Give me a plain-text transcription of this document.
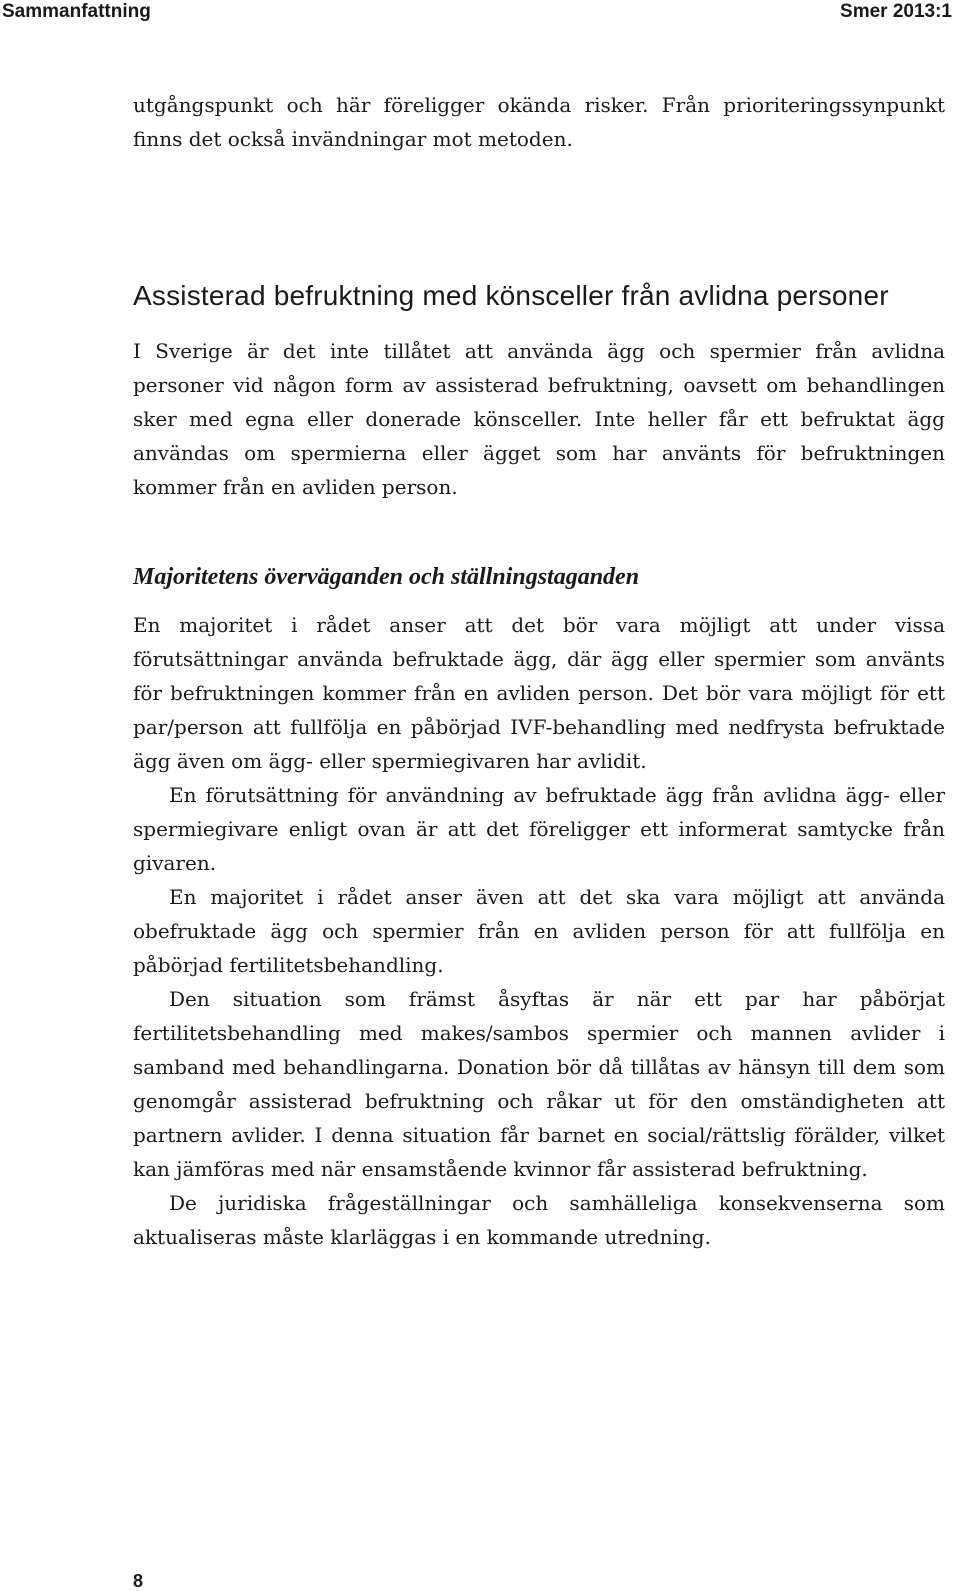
Sammanfattning	Smer 2013:1

utgångspunkt och här föreligger okända risker. Från prioriteringssynpunkt finns det också invändningar mot metoden.

Assisterad befruktning med könsceller från avlidna personer

I Sverige är det inte tillåtet att använda ägg och spermier från avlidna personer vid någon form av assisterad befruktning, oavsett om behandlingen sker med egna eller donerade könsceller. Inte heller får ett befruktat ägg användas om spermierna eller ägget som har använts för befruktningen kommer från en avliden person.

Majoritetens överväganden och ställningstaganden

En majoritet i rådet anser att det bör vara möjligt att under vissa förutsättningar använda befruktade ägg, där ägg eller spermier som använts för befruktningen kommer från en avliden person. Det bör vara möjligt för ett par/person att fullfölja en påbörjad IVF-behandling med nedfrysta befruktade ägg även om ägg- eller spermiegivaren har avlidit.

En förutsättning för användning av befruktade ägg från avlidna ägg- eller spermiegivare enligt ovan är att det föreligger ett informerat samtycke från givaren.

En majoritet i rådet anser även att det ska vara möjligt att använda obefruktade ägg och spermier från en avliden person för att fullfölja en påbörjad fertilitetsbehandling.

Den situation som främst åsyftas är när ett par har påbörjat fertilitetsbehandling med makes/sambos spermier och mannen avlider i samband med behandlingarna. Donation bör då tillåtas av hänsyn till dem som genomgår assisterad befruktning och råkar ut för den omständigheten att partnern avlider. I denna situation får barnet en social/rättslig förälder, vilket kan jämföras med när ensamstående kvinnor får assisterad befruktning.

De juridiska frågeställningar och samhälleliga konsekvenserna som aktualiseras måste klarläggas i en kommande utredning.

8
